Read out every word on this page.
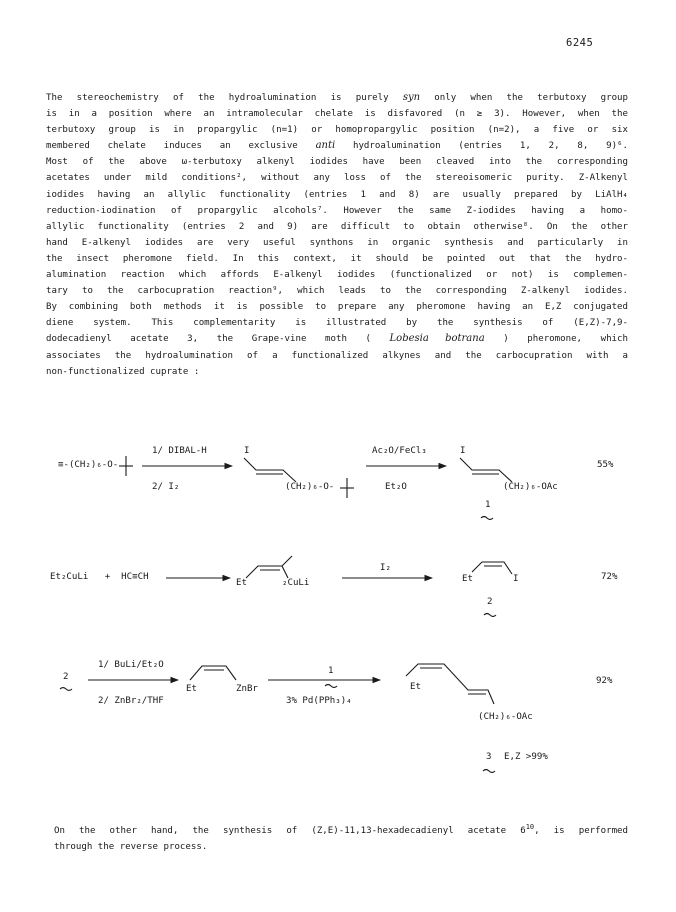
6245
The stereochemistry of the hydroalumination is purely syn only when the terbutoxy group
is in a position where an intramolecular chelate is disfavored (n ≥ 3). However, when the
terbutoxy group is in propargylic (n=1) or homopropargylic position (n=2), a five or six
membered chelate induces an exclusive anti hydroalumination (entries 1, 2, 8, 9)⁶.
Most of the above ω-terbutoxy alkenyl iodides have been cleaved into the corresponding
acetates under mild conditions², without any loss of the stereoisomeric purity. Z-Alkenyl
iodides having an allylic functionality (entries 1 and 8) are usually prepared by LiAlH₄
reduction-iodination of propargylic alcohols⁷. However the same Z-iodides having a homo-
allylic functionality (entries 2 and 9) are difficult to obtain otherwise⁸. On the other
hand E-alkenyl iodides are very useful synthons in organic synthesis and particularly in
the insect pheromone field. In this context, it should be pointed out that the hydro-
alumination reaction which affords E-alkenyl iodides (functionalized or not) is complemen-
tary to the carbocupration reaction⁹, which leads to the corresponding Z-alkenyl iodides.
By combining both methods it is possible to prepare any pheromone having an E,Z conjugated
diene system. This complementarity is illustrated by the synthesis of (E,Z)-7,9-
dodecadienyl acetate 3, the Grape-vine moth ( Lobesia botrana ) pheromone, which
associates the hydroalumination of a functionalized alkynes and the carbocupration with a
non-functionalized cuprate :
≡-(CH₂)₆-O-
1/ DIBAL-H
2/ I₂
I
(CH₂)₆-O-
Ac₂O/FeCl₃
Et₂O
I
(CH₂)₆-OAc
1
55%
Et₂CuLi   +  HC≡CH
Et	₂CuLi
I₂
Et	I
2
72%
2
1/ BuLi/Et₂O
2/ ZnBr₂/THF
Et	ZnBr
1
3% Pd(PPh₃)₄
Et
(CH₂)₆-OAc
3 E,Z >99%
92%
On the other hand, the synthesis of (Z,E)-11,13-hexadecadienyl acetate $6^{10}$, is performed
through the reverse process.
